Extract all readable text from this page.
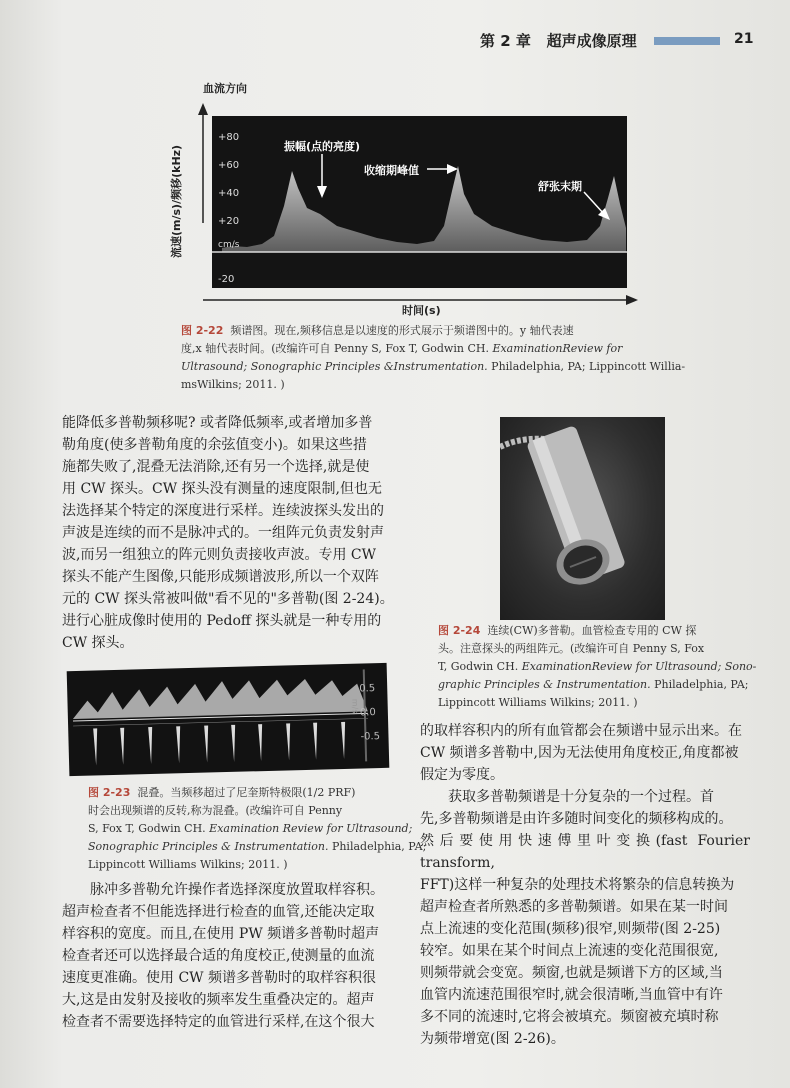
第 2 章 超声成像原理	21
血流方向
流速(m/s)/频移(kHz)
+80
+60
+40
+20
cm/s
-20
振幅(点的亮度)
收缩期峰值
舒张末期
时间(s)
图 2-22 频谱图。现在,频移信息是以速度的形式展示于频谱图中的。y 轴代表速
度,x 轴代表时间。(改编许可自 Penny S, Fox T, Godwin CH. ExaminationReview for
Ultrasound; Sonographic Principles &Instrumentation. Philadelphia, PA; Lippincott Willia-
msWilkins; 2011. )
能降低多普勒频移呢? 或者降低频率,或者增加多普
勒角度(使多普勒角度的余弦值变小)。如果这些措
施都失败了,混叠无法消除,还有另一个选择,就是使
用 CW 探头。CW 探头没有测量的速度限制,但也无
法选择某个特定的深度进行采样。连续波探头发出的
声波是连续的而不是脉冲式的。一组阵元负责发射声
波,而另一组独立的阵元则负责接收声波。专用 CW
探头不能产生图像,只能形成频谱波形,所以一个双阵
元的 CW 探头常被叫做"看不见的"多普勒(图 2-24)。
进行心脏成像时使用的 Pedoff 探头就是一种专用的
CW 探头。
图 2-24 连续(CW)多普勒。血管检查专用的 CW 探
头。注意探头的两组阵元。(改编许可自 Penny S, Fox
T, Godwin CH. ExaminationReview for Ultrasound; Sono-
graphic Principles & Instrumentation. Philadelphia, PA;
Lippincott Williams Wilkins; 2011. )
0.5
0.0
-0.5
m/s
图 2-23 混叠。当频移超过了尼奎斯特极限(1/2 PRF)
时会出现频谱的反转,称为混叠。(改编许可自 Penny
S, Fox T, Godwin CH. Examination Review for Ultrasound;
Sonographic Principles & Instrumentation. Philadelphia, PA;
Lippincott Williams Wilkins; 2011. )
的取样容积内的所有血管都会在频谱中显示出来。在
CW 频谱多普勒中,因为无法使用角度校正,角度都被
假定为零度。
获取多普勒频谱是十分复杂的一个过程。首
先,多普勒频谱是由许多随时间变化的频移构成的。
然后要使用快速傅里叶变换(fast Fourier transform,
FFT)这样一种复杂的处理技术将繁杂的信息转换为
超声检查者所熟悉的多普勒频谱。如果在某一时间
点上流速的变化范围(频移)很窄,则频带(图 2-25)
较窄。如果在某个时间点上流速的变化范围很宽,
则频带就会变宽。频窗,也就是频谱下方的区域,当
血管内流速范围很窄时,就会很清晰,当血管中有许
多不同的流速时,它将会被填充。频窗被充填时称
为频带增宽(图 2-26)。
脉冲多普勒允许操作者选择深度放置取样容积。
超声检查者不但能选择进行检查的血管,还能决定取
样容积的宽度。而且,在使用 PW 频谱多普勒时超声
检查者还可以选择最合适的角度校正,使测量的血流
速度更准确。使用 CW 频谱多普勒时的取样容积很
大,这是由发射及接收的频率发生重叠决定的。超声
检查者不需要选择特定的血管进行采样,在这个很大
